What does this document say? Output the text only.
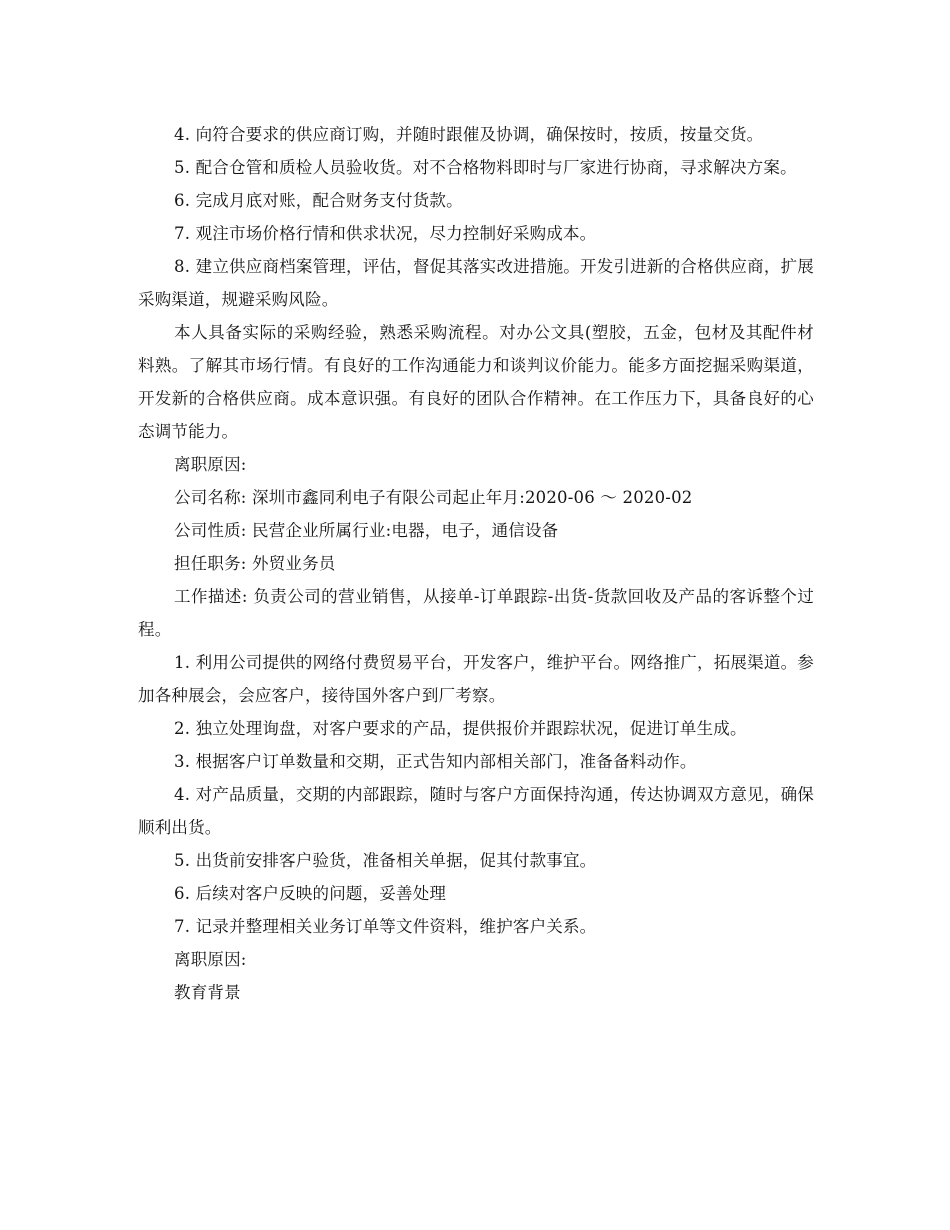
4. 向符合要求的供应商订购，并随时跟催及协调，确保按时，按质，按量交货。

5. 配合仓管和质检人员验收货。对不合格物料即时与厂家进行协商，寻求解决方案。

6. 完成月底对账，配合财务支付货款。

7. 观注市场价格行情和供求状况，尽力控制好采购成本。

8. 建立供应商档案管理，评估，督促其落实改进措施。开发引进新的合格供应商，扩展采购渠道，规避采购风险。

本人具备实际的采购经验，熟悉采购流程。对办公文具(塑胶，五金，包材及其配件材料熟。了解其市场行情。有良好的工作沟通能力和谈判议价能力。能多方面挖掘采购渠道，开发新的合格供应商。成本意识强。有良好的团队合作精神。在工作压力下，具备良好的心态调节能力。

离职原因:

公司名称: 深圳市鑫同利电子有限公司起止年月:2020-06 ～ 2020-02

公司性质: 民营企业所属行业:电器，电子，通信设备

担任职务: 外贸业务员

工作描述: 负责公司的营业销售，从接单-订单跟踪-出货-货款回收及产品的客诉整个过程。

1. 利用公司提供的网络付费贸易平台，开发客户，维护平台。网络推广，拓展渠道。参加各种展会，会应客户，接待国外客户到厂考察。

2. 独立处理询盘，对客户要求的产品，提供报价并跟踪状况，促进订单生成。

3. 根据客户订单数量和交期，正式告知内部相关部门，准备备料动作。

4. 对产品质量，交期的内部跟踪，随时与客户方面保持沟通，传达协调双方意见，确保顺利出货。

5. 出货前安排客户验货，准备相关单据，促其付款事宜。

6. 后续对客户反映的问题，妥善处理

7. 记录并整理相关业务订单等文件资料，维护客户关系。

离职原因:

教育背景
